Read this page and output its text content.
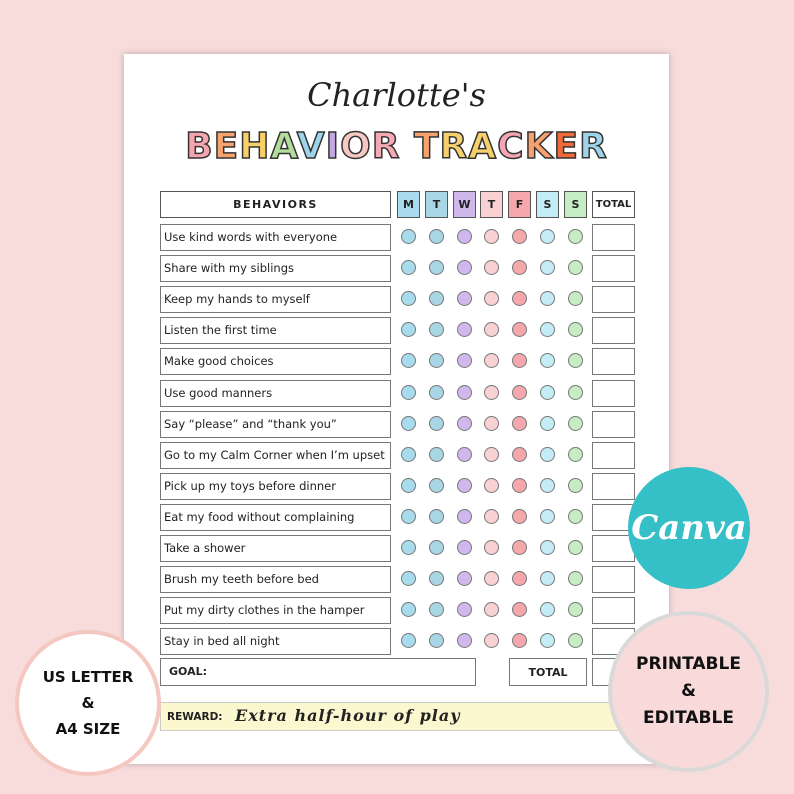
Charlotte's
BEHAVIOR TRACKER
BEHAVIORS	M	T	W	T	F	S	S	TOTAL
Use kind words with everyone
Share with my siblings
Keep my hands to myself
Listen the first time
Make good choices
Use good manners
Say “please” and “thank you”
Go to my Calm Corner when I’m upset
Pick up my toys before dinner
Eat my food without complaining
Take a shower
Brush my teeth before bed
Put my dirty clothes in the hamper
Stay in bed all night
GOAL:	TOTAL
REWARD: Extra half-hour of play
Canva
US LETTER
&
A4 SIZE
PRINTABLE
&
EDITABLE
